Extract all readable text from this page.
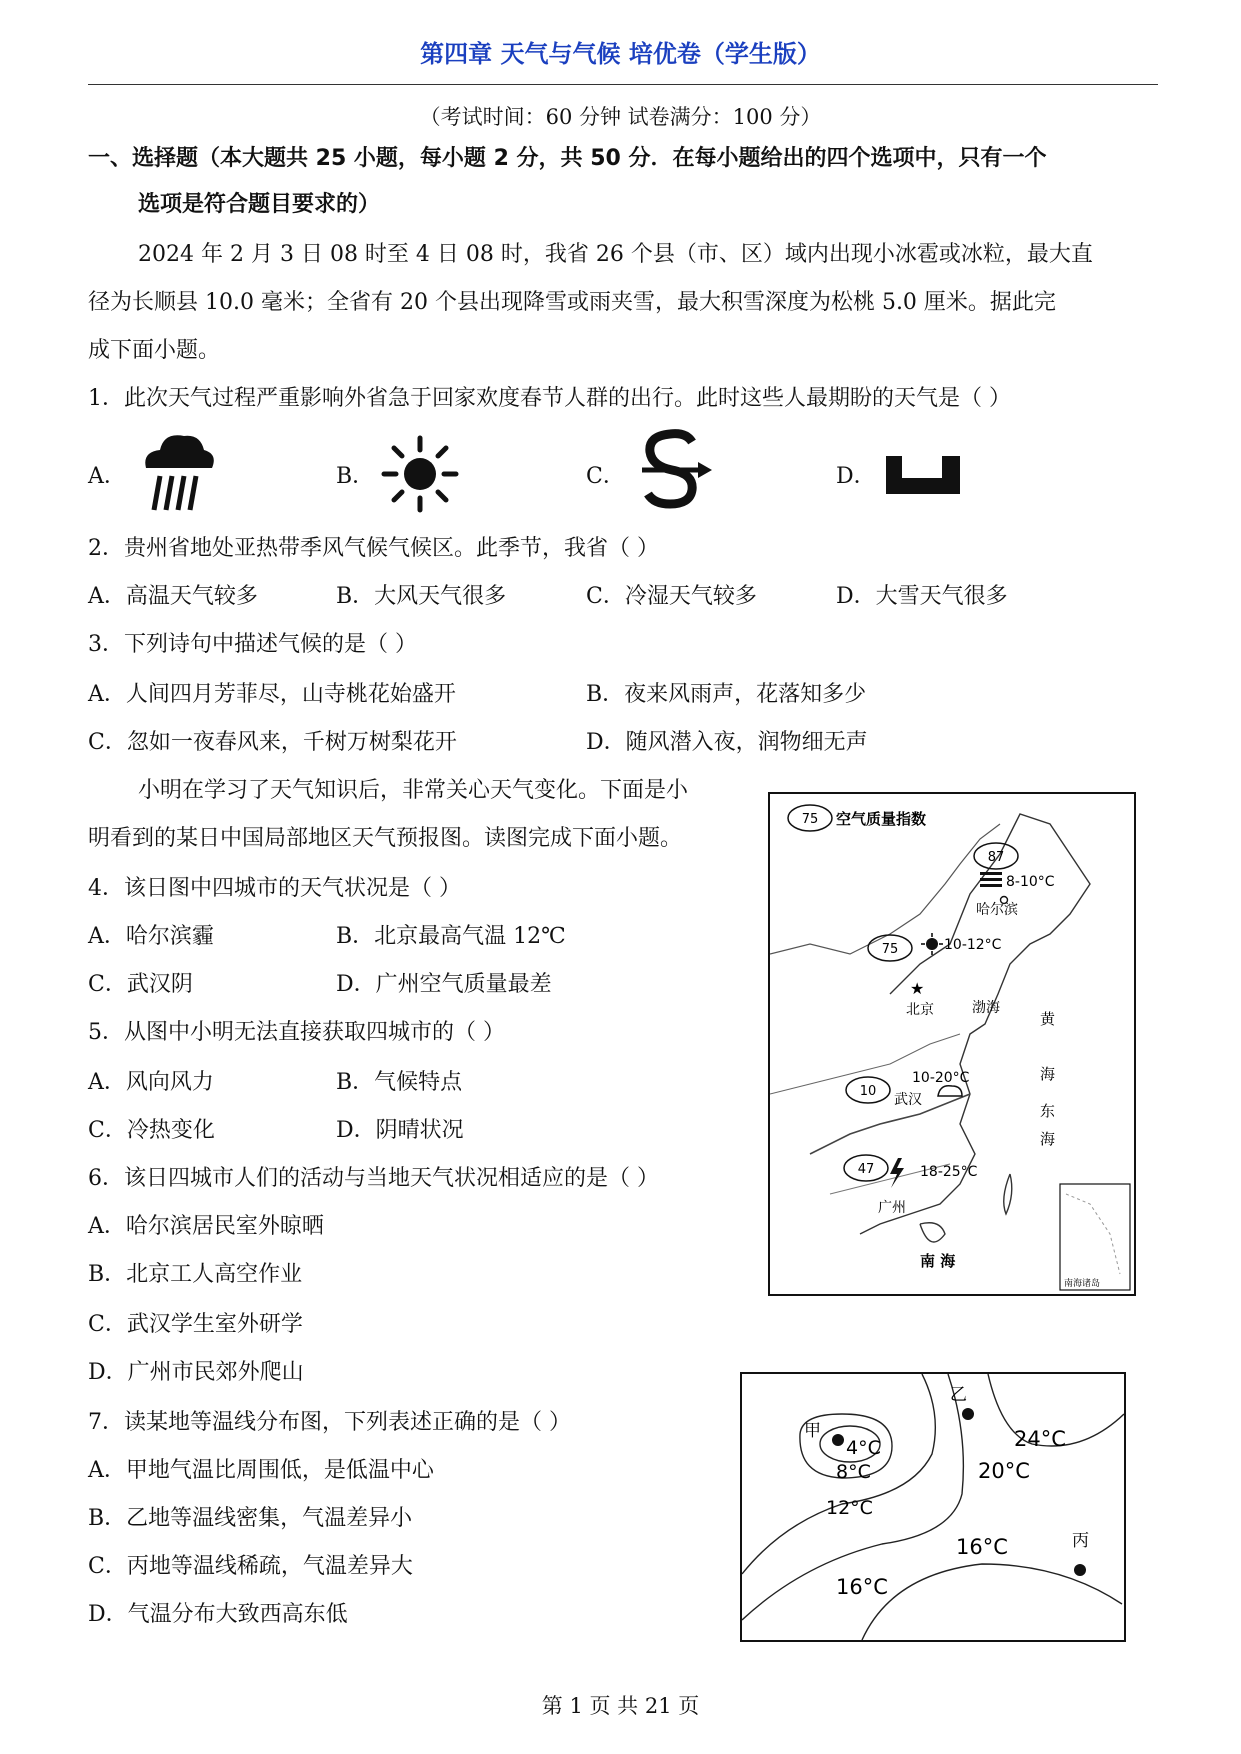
第四章 天气与气候 培优卷（学生版）
（考试时间：60 分钟 试卷满分：100 分）
一、选择题（本大题共 25 小题，每小题 2 分，共 50 分．在每小题给出的四个选项中，只有一个
选项是符合题目要求的）
2024 年 2 月 3 日 08 时至 4 日 08 时，我省 26 个县（市、区）域内出现小冰雹或冰粒，最大直
径为长顺县 10.0 毫米；全省有 20 个县出现降雪或雨夹雪，最大积雪深度为松桃 5.0 厘米。据此完
成下面小题。
1．此次天气过程严重影响外省急于回家欢度春节人群的出行。此时这些人最期盼的天气是（ ）
A．	B．	C．	D．
2．贵州省地处亚热带季风气候气候区。此季节，我省（ ）
A．高温天气较多	B．大风天气很多	C．冷湿天气较多	D．大雪天气很多
3．下列诗句中描述气候的是（ ）
A．人间四月芳菲尽，山寺桃花始盛开	B．夜来风雨声，花落知多少
C．忽如一夜春风来，千树万树梨花开	D．随风潜入夜，润物细无声
小明在学习了天气知识后，非常关心天气变化。下面是小
明看到的某日中国局部地区天气预报图。读图完成下面小题。
4．该日图中四城市的天气状况是（ ）
A．哈尔滨霾	B．北京最高气温 12℃
C．武汉阴	D．广州空气质量最差
5．从图中小明无法直接获取四城市的（ ）
A．风向风力	B．气候特点
C．冷热变化	D．阴晴状况
6．该日四城市人们的活动与当地天气状况相适应的是（ ）
A．哈尔滨居民室外晾晒
B．北京工人高空作业
C．武汉学生室外研学
D．广州市民郊外爬山
7．读某地等温线分布图，下列表述正确的是（ ）
A．甲地气温比周围低，是低温中心
B．乙地等温线密集，气温差异小
C．丙地等温线稀疏，气温差异大
D．气温分布大致西高东低
75 空气质量指数
87
8-10°C
哈尔滨
75	10-12°C
★
北京	渤海
黄
海
10
10-20°C
武汉
东
海
47	18-25°C
广州
南 海
南海诸岛
甲
4°C
8°C
12°C
乙
24°C
20°C
16°C	丙
16°C
第 1 页 共 21 页
